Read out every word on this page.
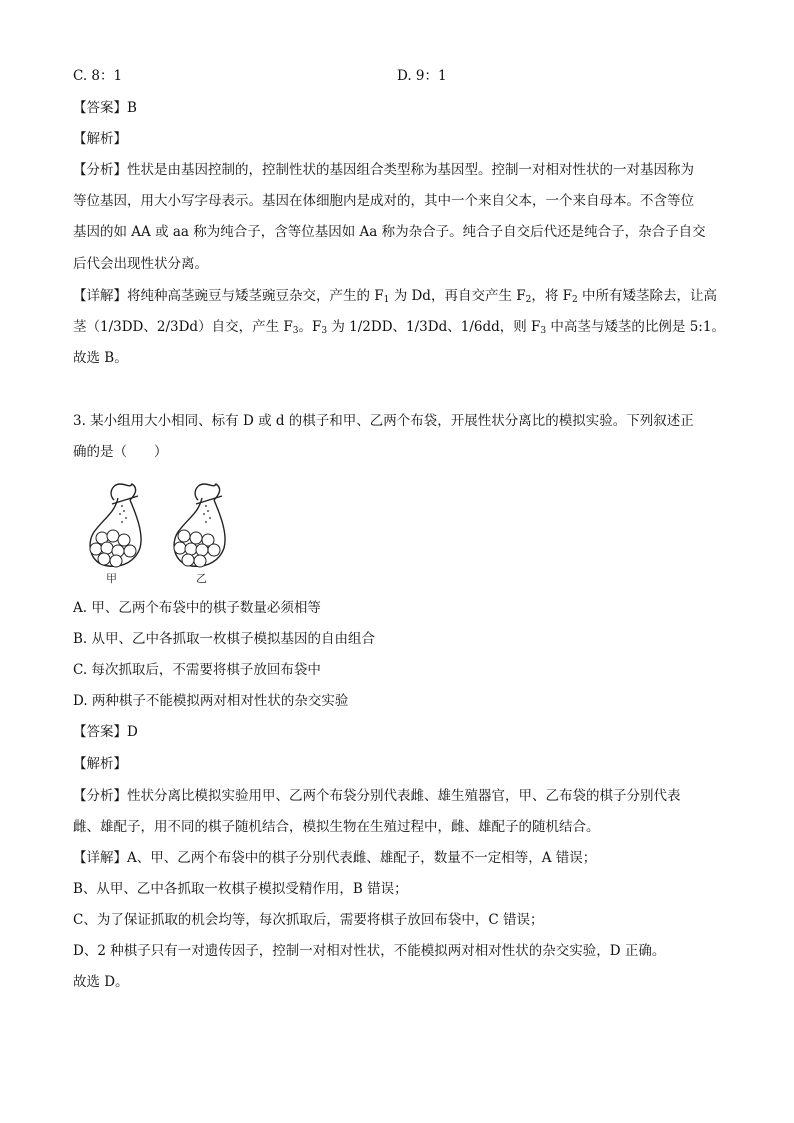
C. 8：1	D. 9：1
【答案】B
【解析】
【分析】性状是由基因控制的，控制性状的基因组合类型称为基因型。控制一对相对性状的一对基因称为
等位基因，用大小写字母表示。基因在体细胞内是成对的，其中一个来自父本，一个来自母本。不含等位
基因的如 AA 或 aa 称为纯合子，含等位基因如 Aa 称为杂合子。纯合子自交后代还是纯合子，杂合子自交
后代会出现性状分离。
【详解】将纯种高茎豌豆与矮茎豌豆杂交，产生的 $F_1$ 为 Dd，再自交产生 $F_2$，将 $F_2$ 中所有矮茎除去，让高
茎（1/3DD、2/3Dd）自交，产生 $F_3$。$F_3$ 为 1/2DD、1/3Dd、1/6dd，则 $F_3$ 中高茎与矮茎的比例是 5:1。
故选 B。
3. 某小组用大小相同、标有 D 或 d 的棋子和甲、乙两个布袋，开展性状分离比的模拟实验。下列叙述正
确的是（　　）
甲	乙
A. 甲、乙两个布袋中的棋子数量必须相等
B. 从甲、乙中各抓取一枚棋子模拟基因的自由组合
C. 每次抓取后，不需要将棋子放回布袋中
D. 两种棋子不能模拟两对相对性状的杂交实验
【答案】D
【解析】
【分析】性状分离比模拟实验用甲、乙两个布袋分别代表雌、雄生殖器官，甲、乙布袋的棋子分别代表
雌、雄配子，用不同的棋子随机结合，模拟生物在生殖过程中，雌、雄配子的随机结合。
【详解】A、甲、乙两个布袋中的棋子分别代表雌、雄配子，数量不一定相等，A 错误；
B、从甲、乙中各抓取一枚棋子模拟受精作用，B 错误；
C、为了保证抓取的机会均等，每次抓取后，需要将棋子放回布袋中，C 错误；
D、2 种棋子只有一对遗传因子，控制一对相对性状，不能模拟两对相对性状的杂交实验，D 正确。
故选 D。
